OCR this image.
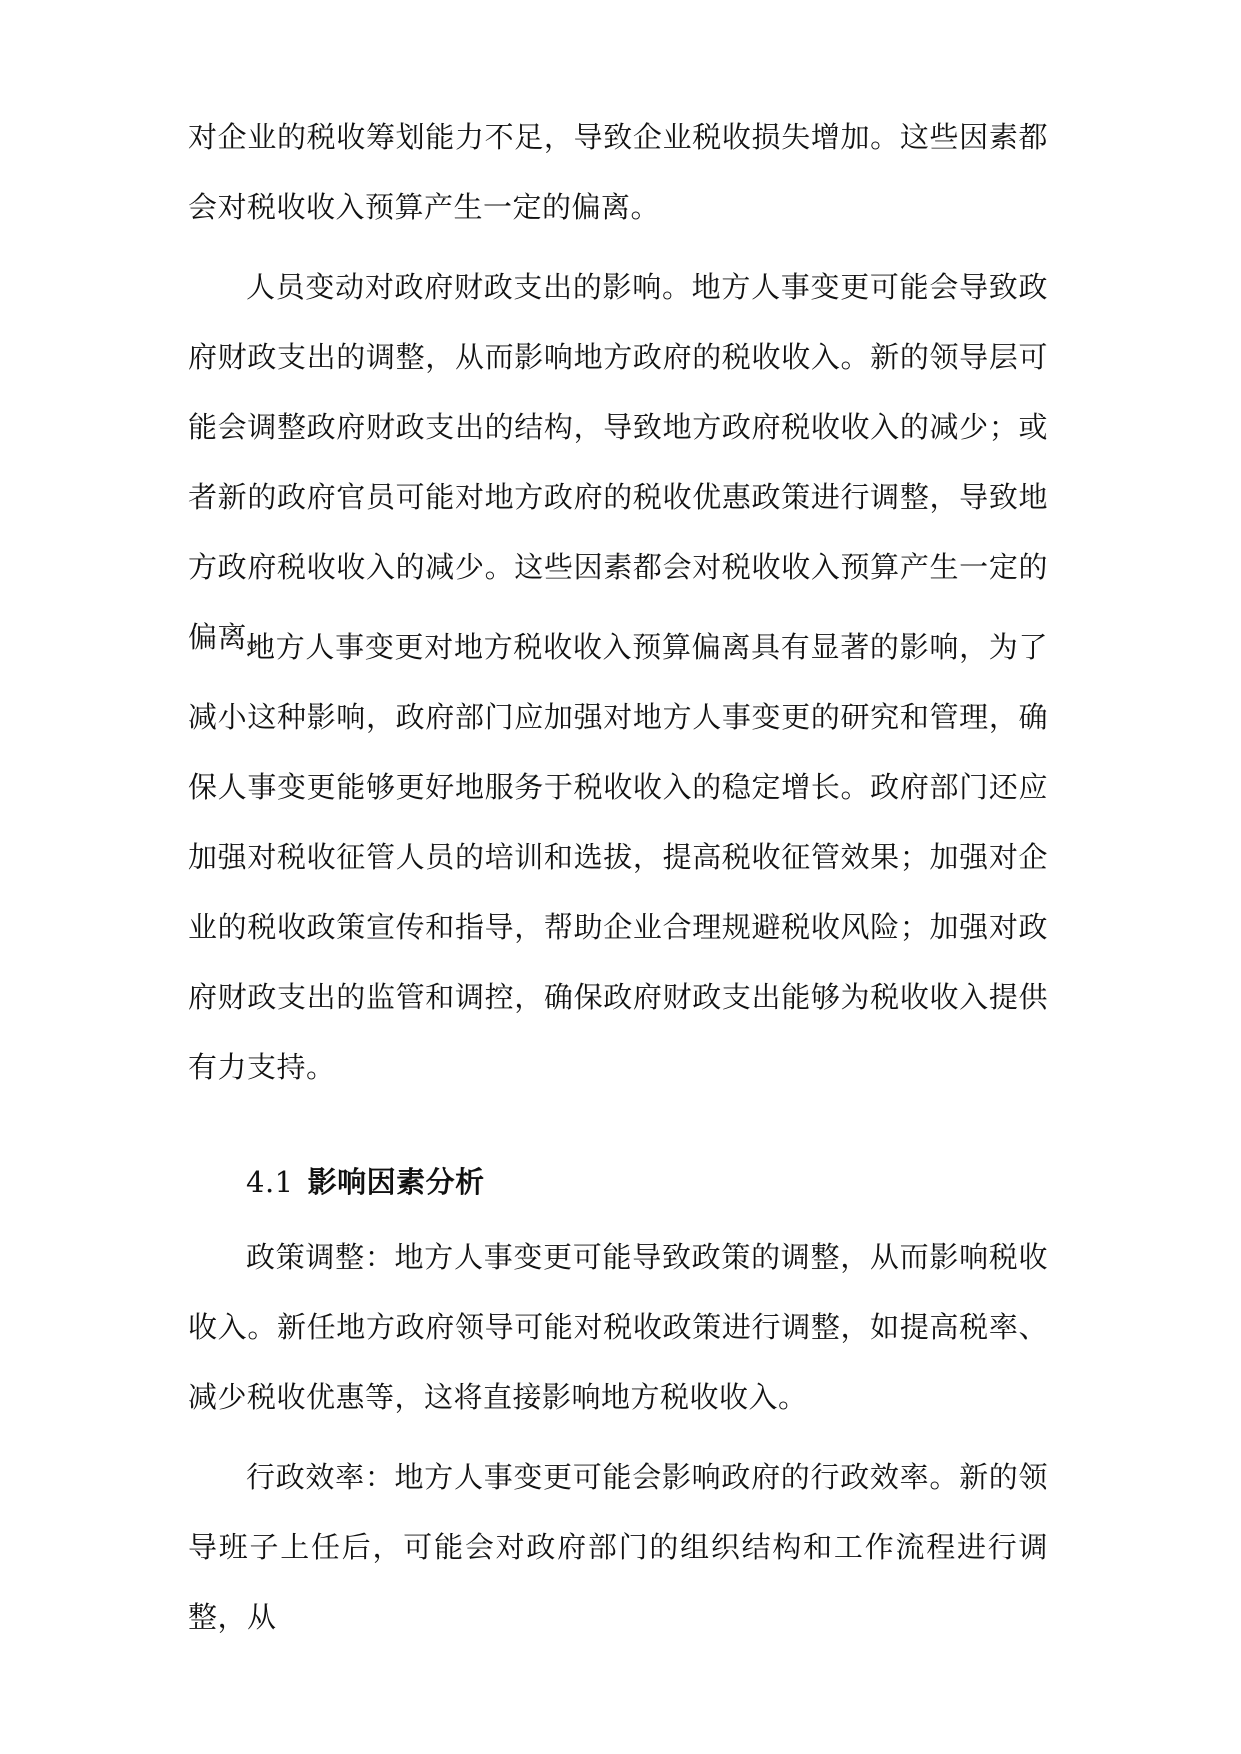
对企业的税收筹划能力不足，导致企业税收损失增加。这些因素都会对税收收入预算产生一定的偏离。

人员变动对政府财政支出的影响。地方人事变更可能会导致政府财政支出的调整，从而影响地方政府的税收收入。新的领导层可能会调整政府财政支出的结构，导致地方政府税收收入的减少；或者新的政府官员可能对地方政府的税收优惠政策进行调整，导致地方政府税收收入的减少。这些因素都会对税收收入预算产生一定的偏离。

地方人事变更对地方税收收入预算偏离具有显著的影响，为了减小这种影响，政府部门应加强对地方人事变更的研究和管理，确保人事变更能够更好地服务于税收收入的稳定增长。政府部门还应加强对税收征管人员的培训和选拔，提高税收征管效果；加强对企业的税收政策宣传和指导，帮助企业合理规避税收风险；加强对政府财政支出的监管和调控，确保政府财政支出能够为税收收入提供有力支持。

4.1 影响因素分析

政策调整：地方人事变更可能导致政策的调整，从而影响税收收入。新任地方政府领导可能对税收政策进行调整，如提高税率、减少税收优惠等，这将直接影响地方税收收入。

行政效率：地方人事变更可能会影响政府的行政效率。新的领导班子上任后，可能会对政府部门的组织结构和工作流程进行调整，从
